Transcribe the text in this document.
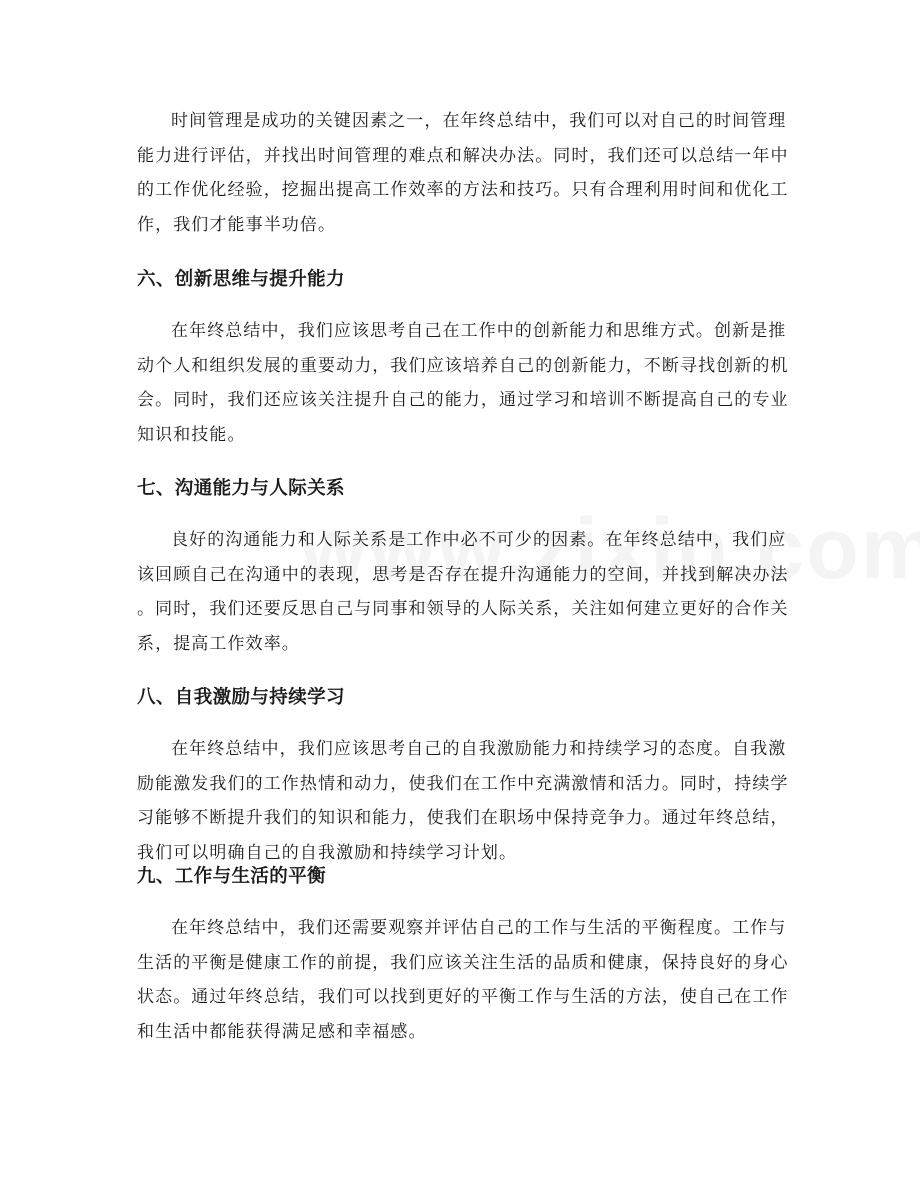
时间管理是成功的关键因素之一，在年终总结中，我们可以对自己的时间管理
能力进行评估，并找出时间管理的难点和解决办法。同时，我们还可以总结一年中
的工作优化经验，挖掘出提高工作效率的方法和技巧。只有合理利用时间和优化工
作，我们才能事半功倍。
六、创新思维与提升能力
在年终总结中，我们应该思考自己在工作中的创新能力和思维方式。创新是推
动个人和组织发展的重要动力，我们应该培养自己的创新能力，不断寻找创新的机
会。同时，我们还应该关注提升自己的能力，通过学习和培训不断提高自己的专业
知识和技能。
七、沟通能力与人际关系
良好的沟通能力和人际关系是工作中必不可少的因素。在年终总结中，我们应
该回顾自己在沟通中的表现，思考是否存在提升沟通能力的空间，并找到解决办法
。同时，我们还要反思自己与同事和领导的人际关系，关注如何建立更好的合作关
系，提高工作效率。
八、自我激励与持续学习
在年终总结中，我们应该思考自己的自我激励能力和持续学习的态度。自我激
励能激发我们的工作热情和动力，使我们在工作中充满激情和活力。同时，持续学
习能够不断提升我们的知识和能力，使我们在职场中保持竞争力。通过年终总结，
我们可以明确自己的自我激励和持续学习计划。
九、工作与生活的平衡
在年终总结中，我们还需要观察并评估自己的工作与生活的平衡程度。工作与
生活的平衡是健康工作的前提，我们应该关注生活的品质和健康，保持良好的身心
状态。通过年终总结，我们可以找到更好的平衡工作与生活的方法，使自己在工作
和生活中都能获得满足感和幸福感。
